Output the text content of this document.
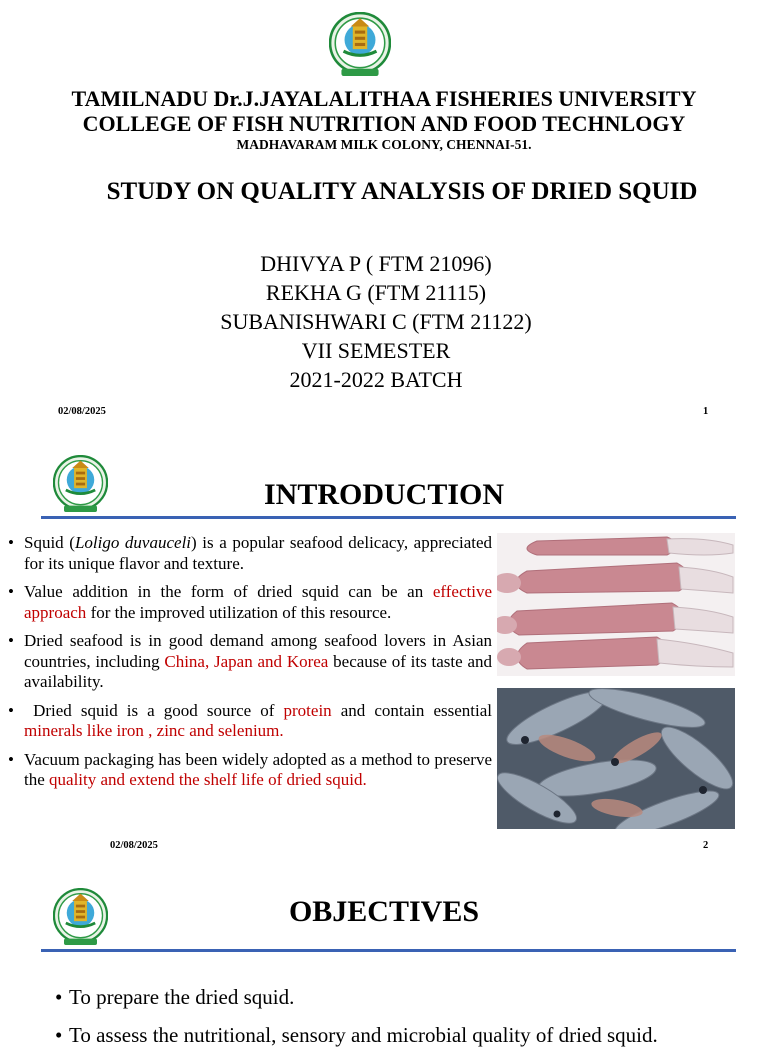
TAMILNADU Dr.J.JAYALALITHAA FISHERIES UNIVERSITY
COLLEGE OF FISH NUTRITION AND FOOD TECHNLOGY
MADHAVARAM MILK COLONY, CHENNAI-51.
STUDY ON QUALITY ANALYSIS OF DRIED SQUID
DHIVYA P ( FTM 21096)
REKHA G (FTM 21115)
SUBANISHWARI C (FTM 21122)
VII SEMESTER
2021-2022 BATCH
02/08/2025	1
INTRODUCTION
• Squid (Loligo duvauceli) is a popular seafood delicacy, appreciated for its unique flavor and texture.
• Value addition in the form of dried squid can be an effective approach for the improved utilization of this resource.
• Dried seafood is in good demand among seafood lovers in Asian countries, including China, Japan and Korea because of its taste and availability.
• Dried squid is a good source of protein and contain essential minerals like iron , zinc and selenium.
• Vacuum packaging has been widely adopted as a method to preserve the quality and extend the shelf life of dried squid.
02/08/2025	2
OBJECTIVES
• To prepare the dried squid.
• To assess the nutritional, sensory and microbial quality of dried squid.
